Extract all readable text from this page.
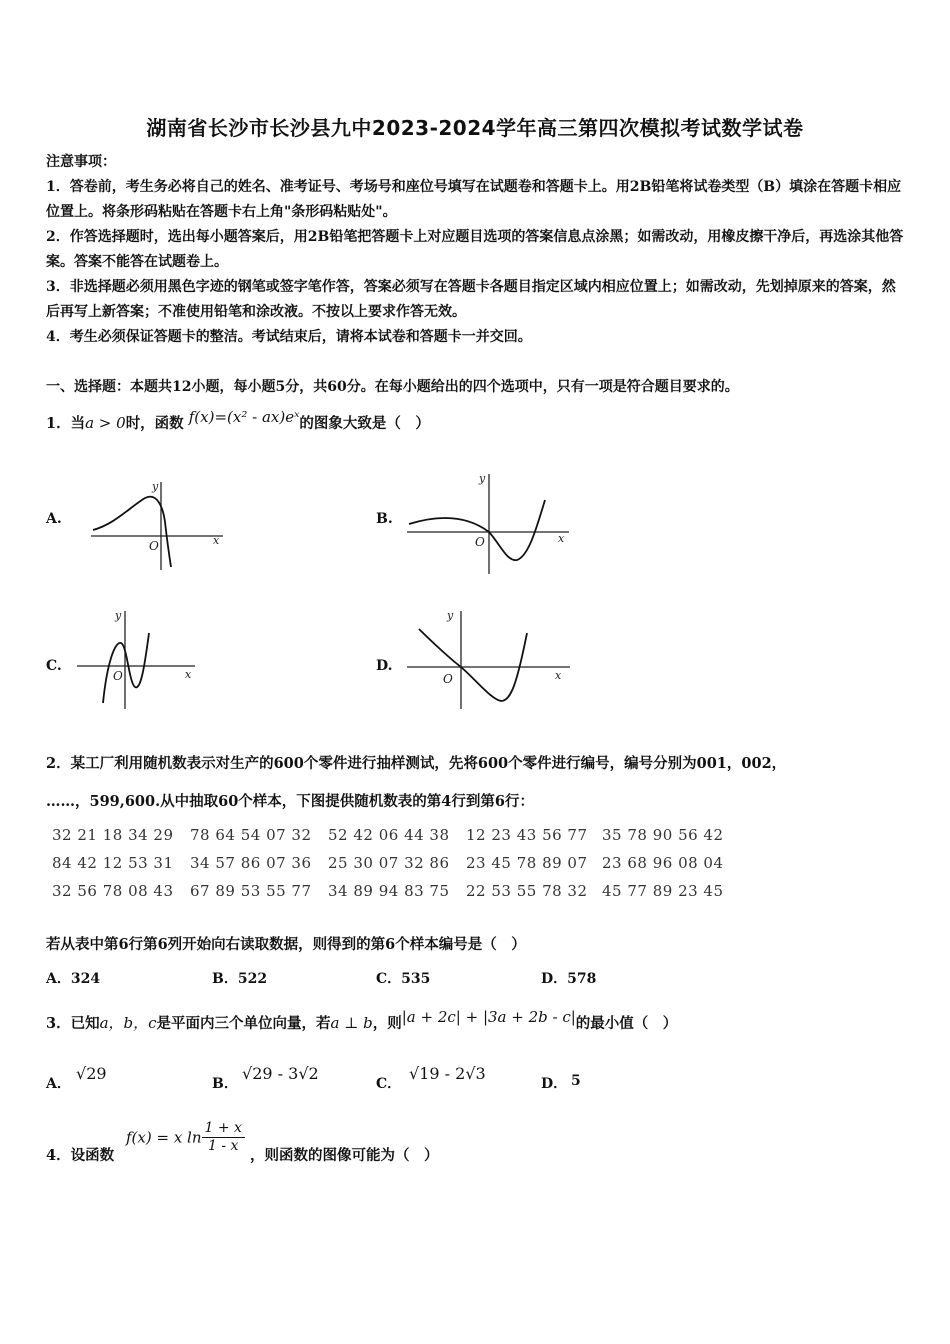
湖南省长沙市长沙县九中2023-2024学年高三第四次模拟考试数学试卷

注意事项：

1．答卷前，考生务必将自己的姓名、准考证号、考场号和座位号填写在试题卷和答题卡上。用2B铅笔将试卷类型（B）填涂在答题卡相应位置上。将条形码粘贴在答题卡右上角"条形码粘贴处"。

2．作答选择题时，选出每小题答案后，用2B铅笔把答题卡上对应题目选项的答案信息点涂黑；如需改动，用橡皮擦干净后，再选涂其他答案。答案不能答在试题卷上。

3．非选择题必须用黑色字迹的钢笔或签字笔作答，答案必须写在答题卡各题目指定区域内相应位置上；如需改动，先划掉原来的答案，然后再写上新答案；不准使用铅笔和涂改液。不按以上要求作答无效。

4．考生必须保证答题卡的整洁。考试结束后，请将本试卷和答题卡一并交回。

一、选择题：本题共12小题，每小题5分，共60分。在每小题给出的四个选项中，只有一项是符合题目要求的。
1．当a > 0时，函数 f(x)=(x² - ax)eˣ的图象大致是（　）
A.
y
x
O
B.
y
x
O
C.
y
x
O
D.
y
x
O
2．某工厂利用随机数表示对生产的600个零件进行抽样测试，先将600个零件进行编号，编号分别为001，002，
……，599,600.从中抽取60个样本，下图提供随机数表的第4行到第6行：
32 21 18 34 29 78 64 54 07 32 52 42 06 44 38 12 23 43 56 77 35 78 90 56 42
84 42 12 53 31 34 57 86 07 36 25 30 07 32 86 23 45 78 89 07 23 68 96 08 04
32 56 78 08 43 67 89 53 55 77 34 89 94 83 75 22 53 55 78 32 45 77 89 23 45
若从表中第6行第6列开始向右读取数据，则得到的第6个样本编号是（　）
A．324	B．522	C．535	D．578
3．已知a，b，c是平面内三个单位向量，若a ⊥ b，则|a + 2c| + |3a + 2b - c|的最小值（　）
A．
√29
B．
√29 - 3√2
C．
√19 - 2√3
D． 5
4．设函数
f(x) = x $\ln \frac{1 + x}{1 - x}$
，则函数的图像可能为（　）
